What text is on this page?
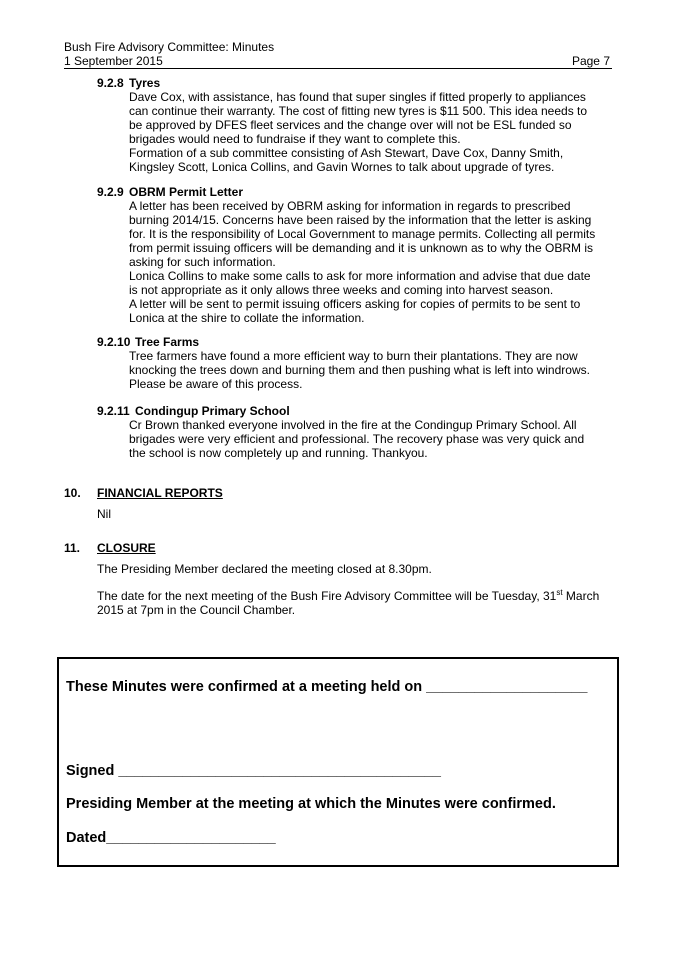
Bush Fire Advisory Committee: Minutes
1 September 2015	Page 7
9.2.8 Tyres

Dave Cox, with assistance, has found that super singles if fitted properly to appliances can continue their warranty. The cost of fitting new tyres is $11 500. This idea needs to be approved by DFES fleet services and the change over will not be ESL funded so brigades would need to fundraise if they want to complete this.

Formation of a sub committee consisting of Ash Stewart, Dave Cox, Danny Smith, Kingsley Scott, Lonica Collins, and Gavin Wornes to talk about upgrade of tyres.

9.2.9 OBRM Permit Letter

A letter has been received by OBRM asking for information in regards to prescribed burning 2014/15. Concerns have been raised by the information that the letter is asking for. It is the responsibility of Local Government to manage permits. Collecting all permits from permit issuing officers will be demanding and it is unknown as to why the OBRM is asking for such information.

Lonica Collins to make some calls to ask for more information and advise that due date is not appropriate as it only allows three weeks and coming into harvest season.

A letter will be sent to permit issuing officers asking for copies of permits to be sent to Lonica at the shire to collate the information.

9.2.10 Tree Farms

Tree farmers have found a more efficient way to burn their plantations. They are now knocking the trees down and burning them and then pushing what is left into windrows. Please be aware of this process.

9.2.11 Condingup Primary School

Cr Brown thanked everyone involved in the fire at the Condingup Primary School. All brigades were very efficient and professional. The recovery phase was very quick and the school is now completely up and running. Thankyou.

10. FINANCIAL REPORTS
Nil
11. CLOSURE

The Presiding Member declared the meeting closed at 8.30pm.

The date for the next meeting of the Bush Fire Advisory Committee will be Tuesday, 31st March 2015 at 7pm in the Council Chamber.

These Minutes were confirmed at a meeting held on ____________________
Signed ________________________________________
Presiding Member at the meeting at which the Minutes were confirmed.
Dated_____________________
